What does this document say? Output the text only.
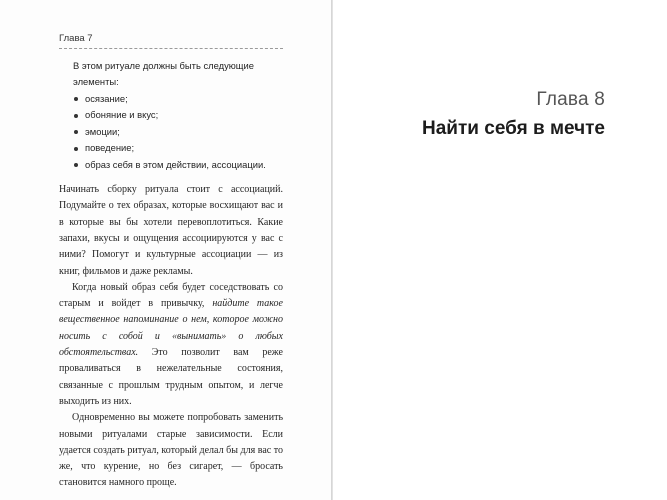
Глава 7

В этом ритуале должны быть следующие элементы:

осязание;
обоняние и вкус;
эмоции;
поведение;
образ себя в этом действии, ассоциации.

Начинать сборку ритуала стоит с ассоциаций. Подумайте о тех образах, которые восхищают вас и в которые вы бы хотели перевоплотиться. Какие запахи, вкусы и ощущения ассоциируются у вас с ними? Помогут и культурные ассоциации — из книг, фильмов и даже рекламы.

Когда новый образ себя будет соседствовать со старым и войдет в привычку, найдите такое вещественное напоминание о нем, которое можно носить с собой и «вынимать» о любых обстоятельствах. Это позволит вам реже проваливаться в нежелательные состояния, связанные с прошлым трудным опытом, и легче выходить из них.

Одновременно вы можете попробовать заменить новыми ритуалами старые зависимости. Если удается создать ритуал, который делал бы для вас то же, что курение, но без сигарет, — бросать становится намного проще.

Глава 8
Найти себя в мечте
